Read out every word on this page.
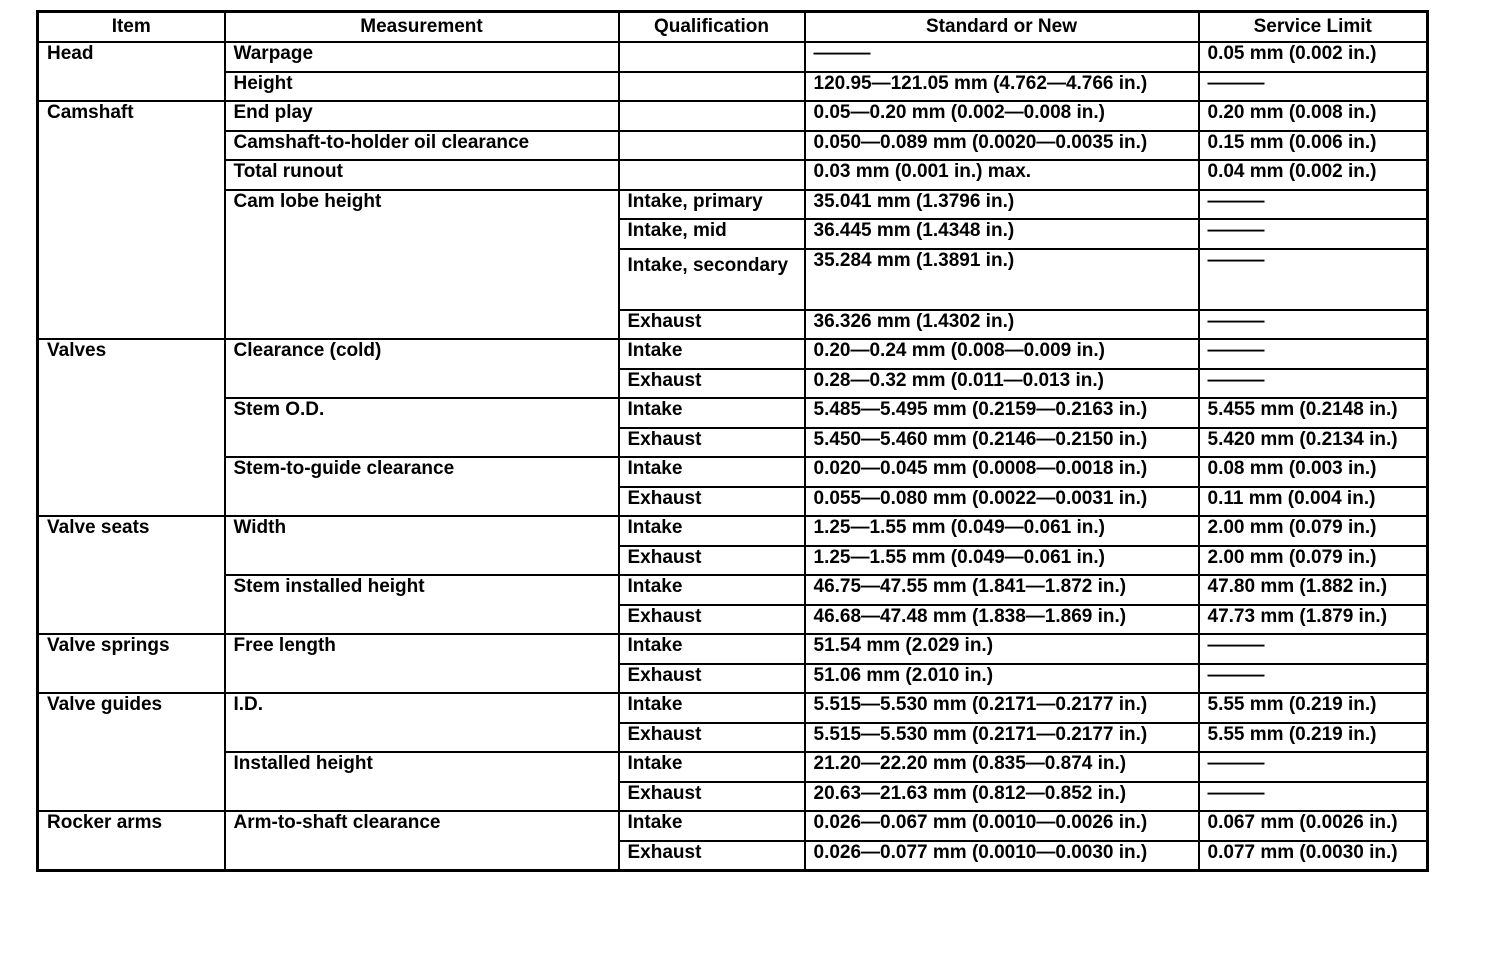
Item	Measurement	Qualification	Standard or New	Service Limit
Head	Warpage		———	0.05 mm (0.002 in.)
	Height		120.95—121.05 mm (4.762—4.766 in.)	———
Camshaft	End play		0.05—0.20 mm (0.002—0.008 in.)	0.20 mm (0.008 in.)
	Camshaft-to-holder oil clearance		0.050—0.089 mm (0.0020—0.0035 in.)	0.15 mm (0.006 in.)
	Total runout		0.03 mm (0.001 in.) max.	0.04 mm (0.002 in.)
	Cam lobe height	Intake, primary	35.041 mm (1.3796 in.)	———
		Intake, mid	36.445 mm (1.4348 in.)	———
		Intake, secondary	35.284 mm (1.3891 in.)	———
		Exhaust	36.326 mm (1.4302 in.)	———
Valves	Clearance (cold)	Intake	0.20—0.24 mm (0.008—0.009 in.)	———
		Exhaust	0.28—0.32 mm (0.011—0.013 in.)	———
	Stem O.D.	Intake	5.485—5.495 mm (0.2159—0.2163 in.)	5.455 mm (0.2148 in.)
		Exhaust	5.450—5.460 mm (0.2146—0.2150 in.)	5.420 mm (0.2134 in.)
	Stem-to-guide clearance	Intake	0.020—0.045 mm (0.0008—0.0018 in.)	0.08 mm (0.003 in.)
		Exhaust	0.055—0.080 mm (0.0022—0.0031 in.)	0.11 mm (0.004 in.)
Valve seats	Width	Intake	1.25—1.55 mm (0.049—0.061 in.)	2.00 mm (0.079 in.)
		Exhaust	1.25—1.55 mm (0.049—0.061 in.)	2.00 mm (0.079 in.)
	Stem installed height	Intake	46.75—47.55 mm (1.841—1.872 in.)	47.80 mm (1.882 in.)
		Exhaust	46.68—47.48 mm (1.838—1.869 in.)	47.73 mm (1.879 in.)
Valve springs	Free length	Intake	51.54 mm (2.029 in.)	———
		Exhaust	51.06 mm (2.010 in.)	———
Valve guides	I.D.	Intake	5.515—5.530 mm (0.2171—0.2177 in.)	5.55 mm (0.219 in.)
		Exhaust	5.515—5.530 mm (0.2171—0.2177 in.)	5.55 mm (0.219 in.)
	Installed height	Intake	21.20—22.20 mm (0.835—0.874 in.)	———
		Exhaust	20.63—21.63 mm (0.812—0.852 in.)	———
Rocker arms	Arm-to-shaft clearance	Intake	0.026—0.067 mm (0.0010—0.0026 in.)	0.067 mm (0.0026 in.)
		Exhaust	0.026—0.077 mm (0.0010—0.0030 in.)	0.077 mm (0.0030 in.)
